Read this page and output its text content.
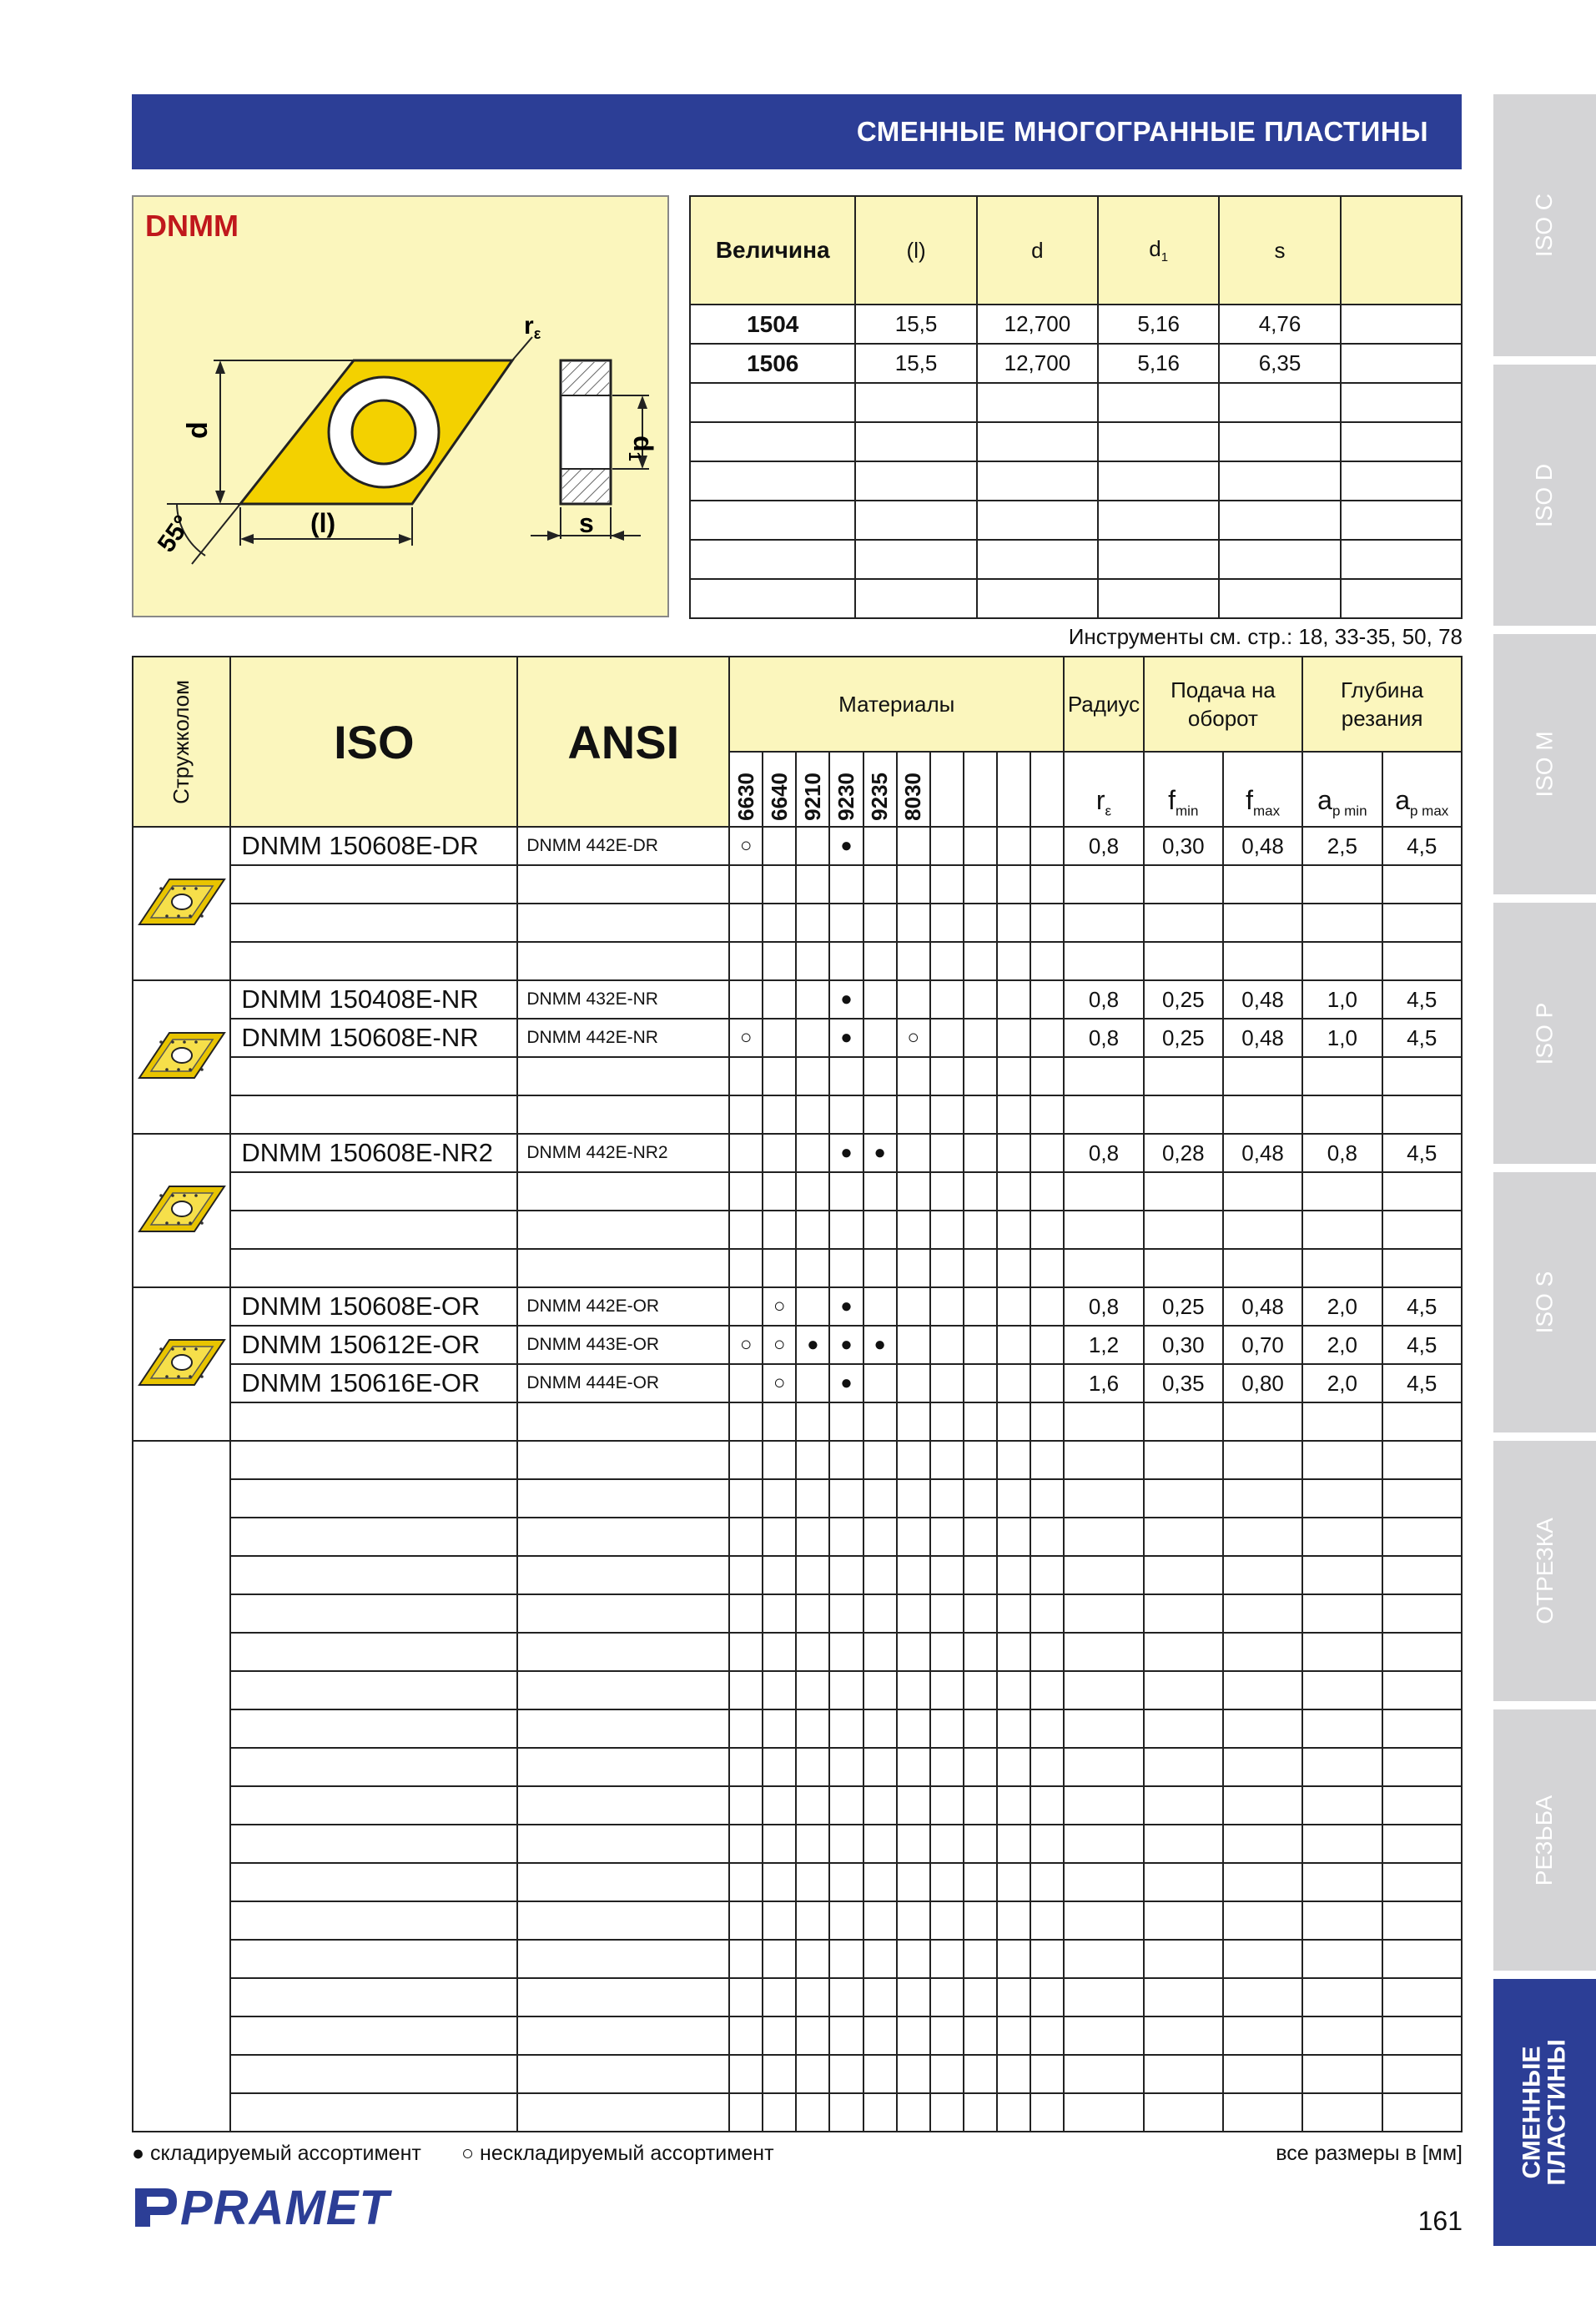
СМЕННЫЕ МНОГОГРАННЫЕ ПЛАСТИНЫ
ISO C
ISO D
ISO M
ISO P
ISO S
ОТРЕЗКА
РЕЗЬБА
СМЕННЫЕ ПЛАСТИНЫ
DNMM
d
(l)
55°
$r_\varepsilon$
d1
s
Величина	(l)	d	$d_1$	s	
1504	15,5	12,700	5,16	4,76	
1506	15,5	12,700	5,16	6,35	

Инструменты см. стр.: 18, 33-35, 50, 78
Стружколом	ISO	ANSI	Материалы										Радиус	Подача на оборот		Глубина резания	

			6630	6640	9210	9230	9235	8030					$r_\varepsilon$	$f_{min}$	$f_{max}$	$a_{p min}$	$a_{p max}$
	DNMM 150608E-DR	DNMM 442E-DR	○			●							0,8	0,30	0,48	2,5	4,5

	DNMM 150408E-NR	DNMM 432E-NR				●							0,8	0,25	0,48	1,0	4,5
	DNMM 150608E-NR	DNMM 442E-NR	○			●		○					0,8	0,25	0,48	1,0	4,5

	DNMM 150608E-NR2	DNMM 442E-NR2				●	●						0,8	0,28	0,48	0,8	4,5

	DNMM 150608E-OR	DNMM 442E-OR		○		●							0,8	0,25	0,48	2,0	4,5
	DNMM 150612E-OR	DNMM 443E-OR	○	○	●	●	●						1,2	0,30	0,70	2,0	4,5
	DNMM 150616E-OR	DNMM 444E-OR		○		●							1,6	0,35	0,80	2,0	4,5

● складируемый ассортимент ○ нескладируемый ассортимент	все размеры в [мм]
PRAMET	161
